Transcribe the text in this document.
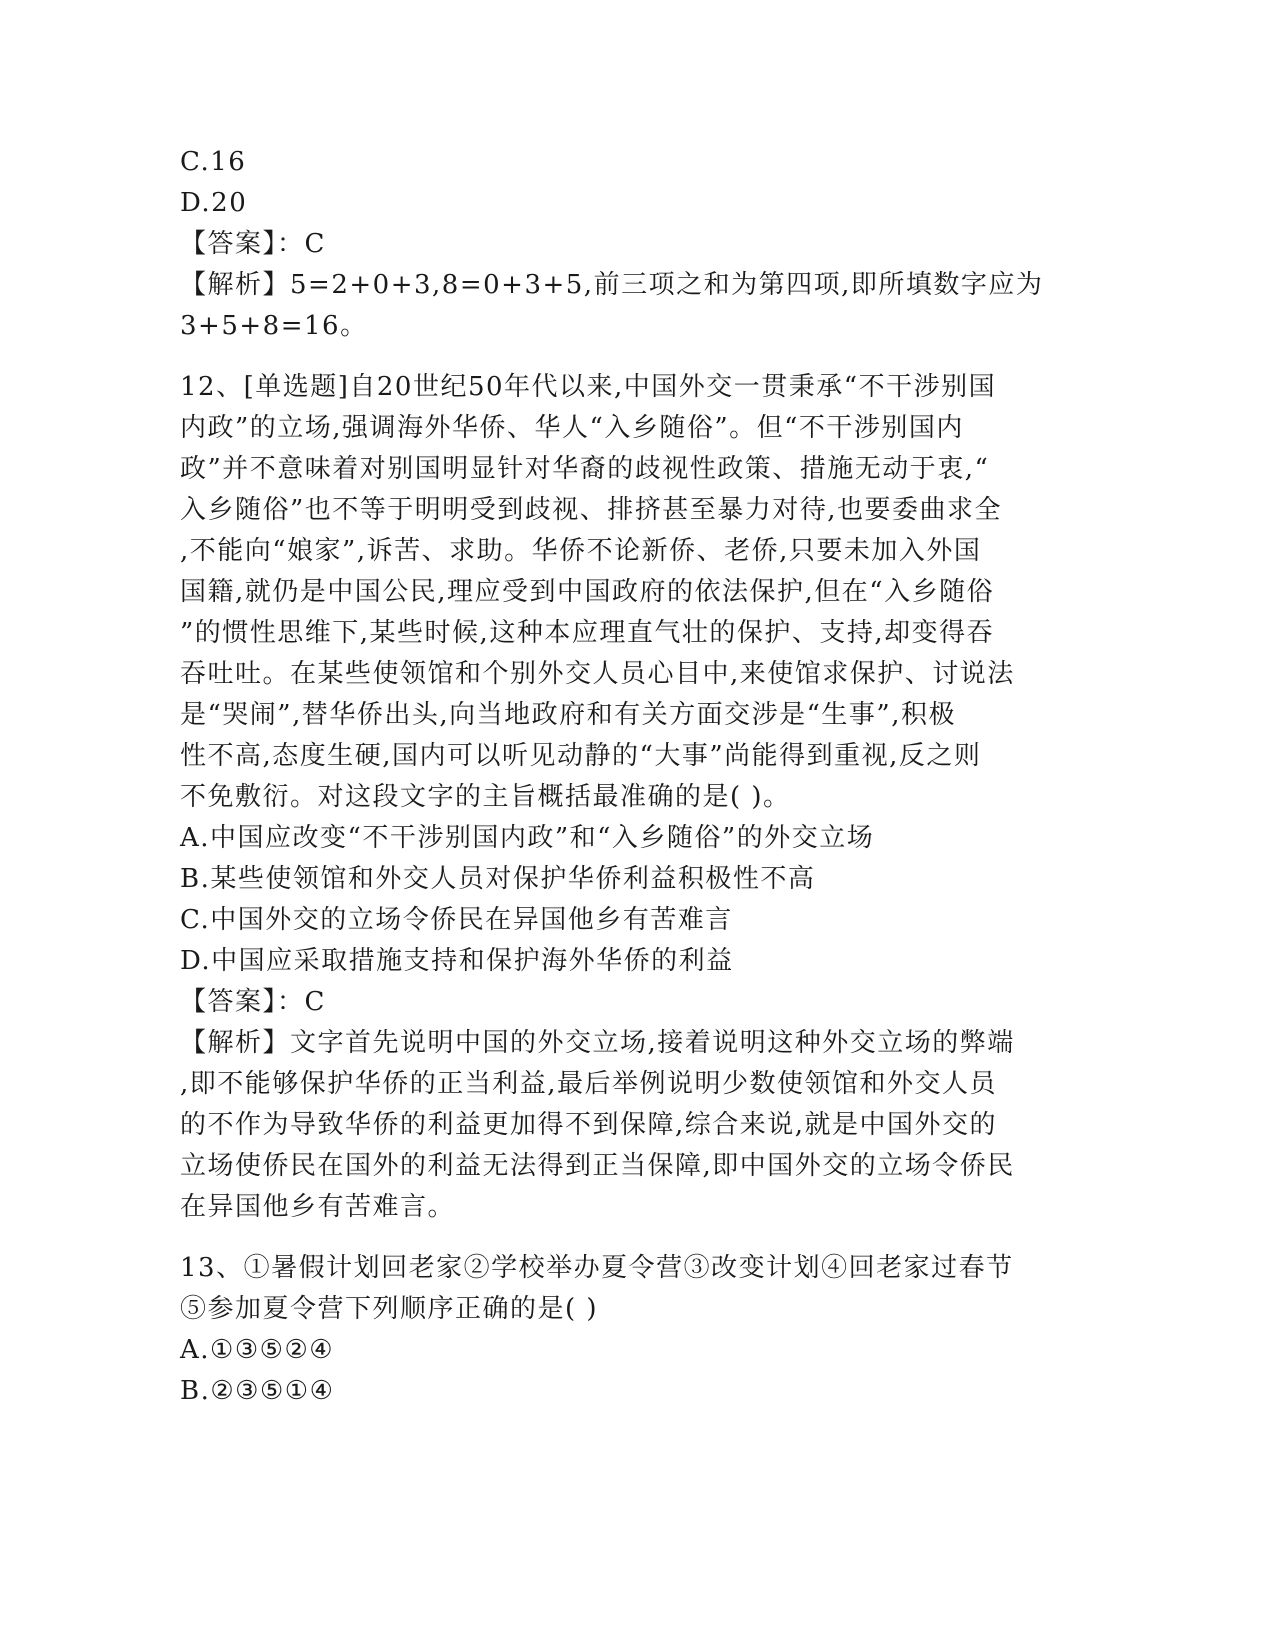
C.16
D.20
【答案】：C
【解析】5=2+0+3,8=0+3+5,前三项之和为第四项,即所填数字应为
3+5+8=16。
12、[单选题]自20世纪50年代以来,中国外交一贯秉承“不干涉别国
内政”的立场,强调海外华侨、华人“入乡随俗”。但“不干涉别国内
政”并不意味着对别国明显针对华裔的歧视性政策、措施无动于衷,“
入乡随俗”也不等于明明受到歧视、排挤甚至暴力对待,也要委曲求全
,不能向“娘家”,诉苦、求助。华侨不论新侨、老侨,只要未加入外国
国籍,就仍是中国公民,理应受到中国政府的依法保护,但在“入乡随俗
”的惯性思维下,某些时候,这种本应理直气壮的保护、支持,却变得吞
吞吐吐。在某些使领馆和个别外交人员心目中,来使馆求保护、讨说法
是“哭闹”,替华侨出头,向当地政府和有关方面交涉是“生事”,积极
性不高,态度生硬,国内可以听见动静的“大事”尚能得到重视,反之则
不免敷衍。对这段文字的主旨概括最准确的是( )。
A.中国应改变“不干涉别国内政”和“入乡随俗”的外交立场
B.某些使领馆和外交人员对保护华侨利益积极性不高
C.中国外交的立场令侨民在异国他乡有苦难言
D.中国应采取措施支持和保护海外华侨的利益
【答案】：C
【解析】文字首先说明中国的外交立场,接着说明这种外交立场的弊端
,即不能够保护华侨的正当利益,最后举例说明少数使领馆和外交人员
的不作为导致华侨的利益更加得不到保障,综合来说,就是中国外交的
立场使侨民在国外的利益无法得到正当保障,即中国外交的立场令侨民
在异国他乡有苦难言。
13、①暑假计划回老家②学校举办夏令营③改变计划④回老家过春节
⑤参加夏令营下列顺序正确的是( )
A.①③⑤②④
B.②③⑤①④
